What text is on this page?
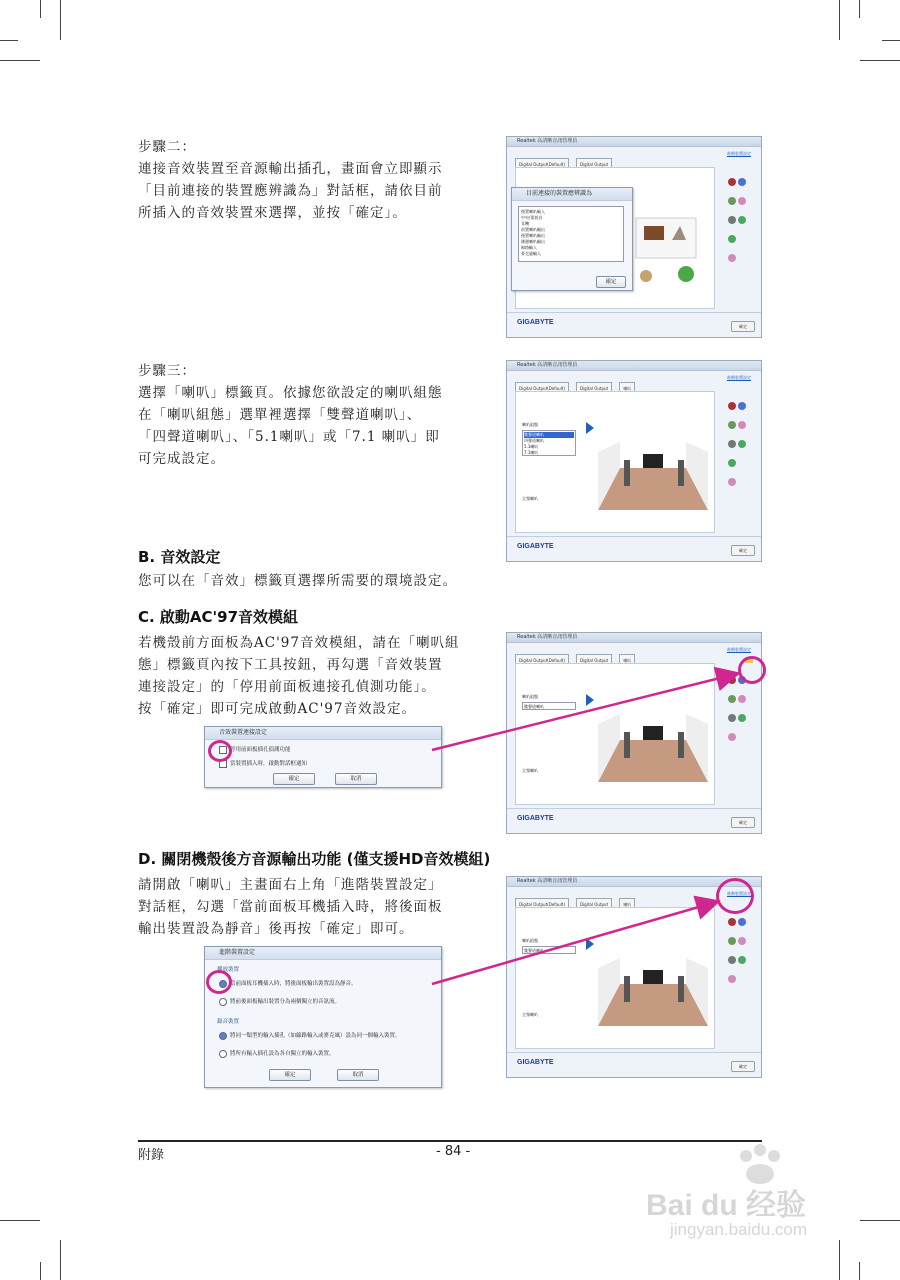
步驟二：

連接音效裝置至音源輸出插孔，畫面會立即顯示

「目前連接的裝置應辨識為」對話框，請依目前

所插入的音效裝置來選擇，並按「確定」。

Realtek 高清晰音訊管理員
Digital Output(Default)	Digital Output
進階裝置設定

目前連接的裝置應辨識為
後置喇叭輸入
中央/重低音
耳機
前置喇叭輸出
後置喇叭輸出
側邊喇叭輸出
線路輸入
麥克風輸入
確定
GIGABYTE
確定

步驟三：

選擇「喇叭」標籤頁。依據您欲設定的喇叭組態

在「喇叭組態」選單裡選擇「雙聲道喇叭」、

「四聲道喇叭」、「5.1喇叭」或「7.1 喇叭」即

可完成設定。

Realtek 高清晰音訊管理員
Digital Output(Default)	Digital Output	喇叭
喇叭組態
雙聲道喇叭
四聲道喇叭
5.1喇叭
7.1喇叭
全頻喇叭
進階裝置設定

GIGABYTE
確定
B. 音效設定

您可以在「音效」標籤頁選擇所需要的環境設定。

C. 啟動AC'97音效模組

若機殼前方面板為AC'97音效模組，請在「喇叭組

態」標籤頁內按下工具按鈕，再勾選「音效裝置

連接設定」的「停用前面板連接孔偵測功能」。

按「確定」即可完成啟動AC'97音效設定。

音效裝置連接設定
停用前面板插孔偵測功能
當裝置插入時，啟動對話框通知
確定	取消
Realtek 高清晰音訊管理員
Digital Output(Default)	Digital Output	喇叭
喇叭組態
雙聲道喇叭
全頻喇叭
進階裝置設定

GIGABYTE
確定
D. 關閉機殼後方音源輸出功能 (僅支援HD音效模組)

請開啟「喇叭」主畫面右上角「進階裝置設定」

對話框，勾選「當前面板耳機插入時，將後面板

輸出裝置設為靜音」後再按「確定」即可。

進階裝置設定
播放裝置
當前面板耳機插入時，將後面板輸出裝置設為靜音。
將前後面板輸出裝置分為兩個獨立的音訊流。
錄音裝置
將同一類型的輸入插孔（如線路輸入或麥克風）設為同一個輸入裝置。
將所有輸入插孔設為各自獨立的輸入裝置。
確定	取消
Realtek 高清晰音訊管理員
Digital Output(Default)	Digital Output	喇叭
喇叭組態
雙聲道喇叭
全頻喇叭
進階裝置設定

GIGABYTE
確定
附錄	- 84 -
Bai du 经验
jingyan.baidu.com
